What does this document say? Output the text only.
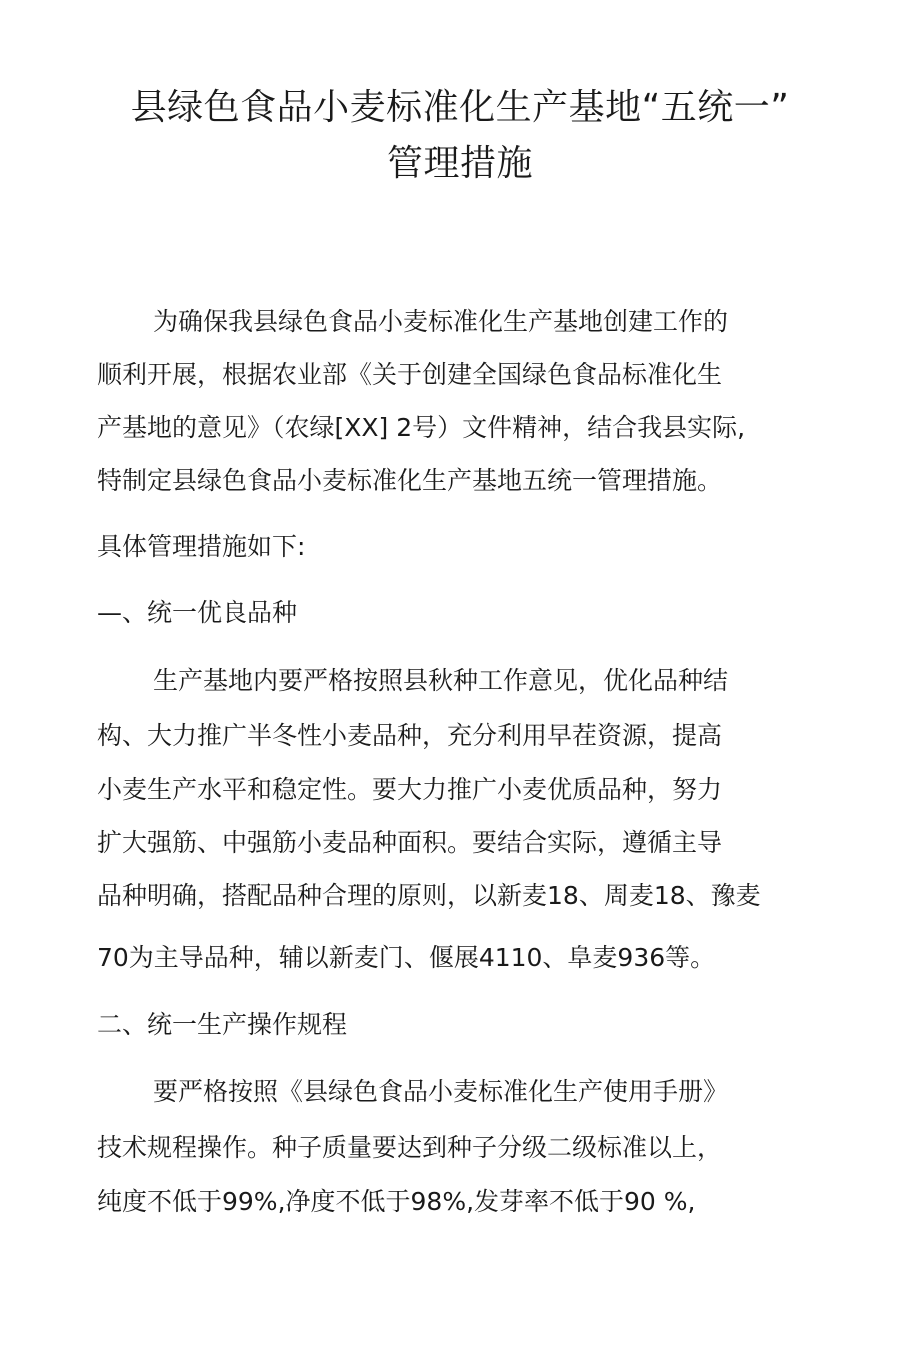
县绿色食品小麦标准化生产基地“五统一”
管理措施
为确保我县绿色食品小麦标准化生产基地创建工作的
顺利开展，根据农业部《关于创建全国绿色食品标准化生
产基地的意见》（农绿[XX] 2号）文件精神，结合我县实际,
特制定县绿色食品小麦标准化生产基地五统一管理措施。
具体管理措施如下:
—、统一优良品种
生产基地内要严格按照县秋种工作意见，优化品种结
构、大力推广半冬性小麦品种，充分利用早茬资源，提高
小麦生产水平和稳定性。要大力推广小麦优质品种，努力
扩大强筋、中强筋小麦品种面积。要结合实际，遵循主导
品种明确，搭配品种合理的原则，以新麦18、周麦18、豫麦
70为主导品种，辅以新麦门、偃展4110、阜麦936等。
二、统一生产操作规程
要严格按照《县绿色食品小麦标准化生产使用手册》
技术规程操作。种子质量要达到种子分级二级标准以上，
纯度不低于99%,净度不低于98%,发芽率不低于90 %,
